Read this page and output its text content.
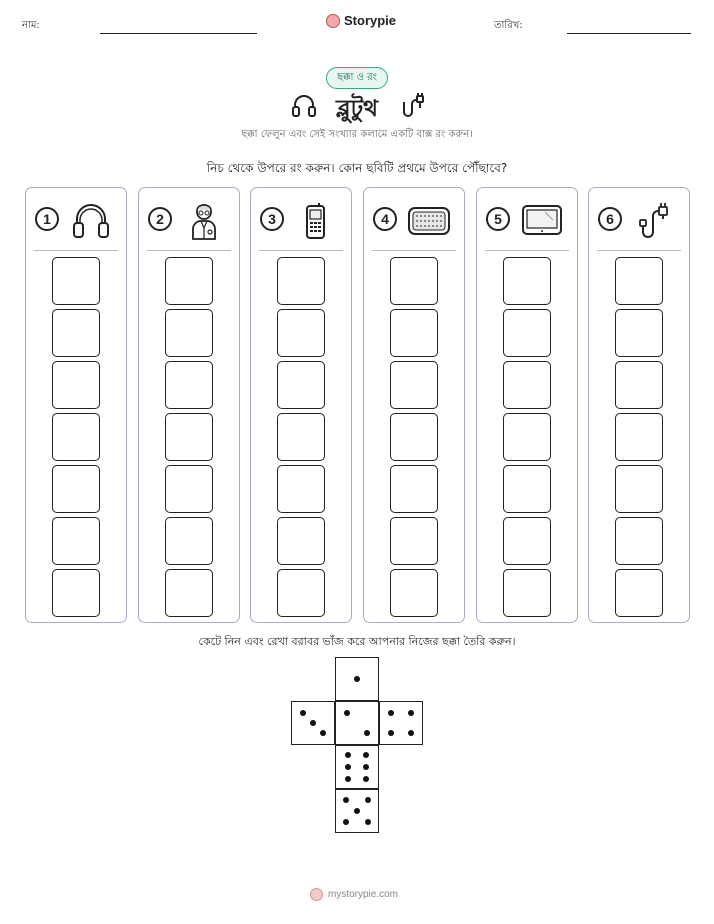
নাম:	Storypie	তারিখ:
ছক্কা ও রং
ব্লুটুথ
ছক্কা ফেলুন এবং সেই সংখ্যার কলামে একটি বাক্স রং করুন।
নিচ থেকে উপরে রং করুন। কোন ছবিটি প্রথমে উপরে পৌঁছাবে?
1	2	3	4	5	6
কেটে নিন এবং রেখা বরাবর ভাঁজ করে আপনার নিজের ছক্কা তৈরি করুন।
mystorypie.com
